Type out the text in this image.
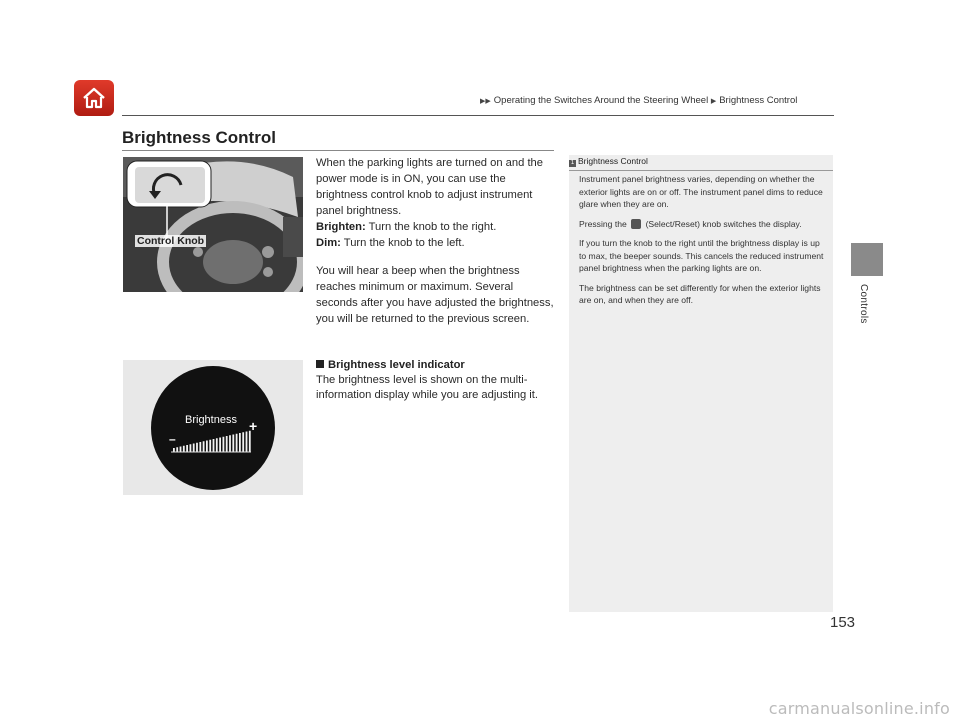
▶▶ Operating the Switches Around the Steering Wheel ▶ Brightness Control
Brightness Control
Controls
Control Knob
Brightness
–
+

When the parking lights are turned on and the power mode is in ON, you can use the brightness control knob to adjust instrument panel brightness.

Brighten: Turn the knob to the right.

Dim: Turn the knob to the left.

You will hear a beep when the brightness reaches minimum or maximum. Several seconds after you have adjusted the brightness, you will be returned to the previous screen.

Brightness level indicator
The brightness level is shown on the multi-information display while you are adjusting it.
1 Brightness Control

Instrument panel brightness varies, depending on whether the exterior lights are on or off. The instrument panel dims to reduce glare when they are on.

Pressing the (Select/Reset) knob switches the display.

If you turn the knob to the right until the brightness display is up to max, the beeper sounds. This cancels the reduced instrument panel brightness when the parking lights are on.

The brightness can be set differently for when the exterior lights are on, and when they are off.

153
carmanualsonline.info
